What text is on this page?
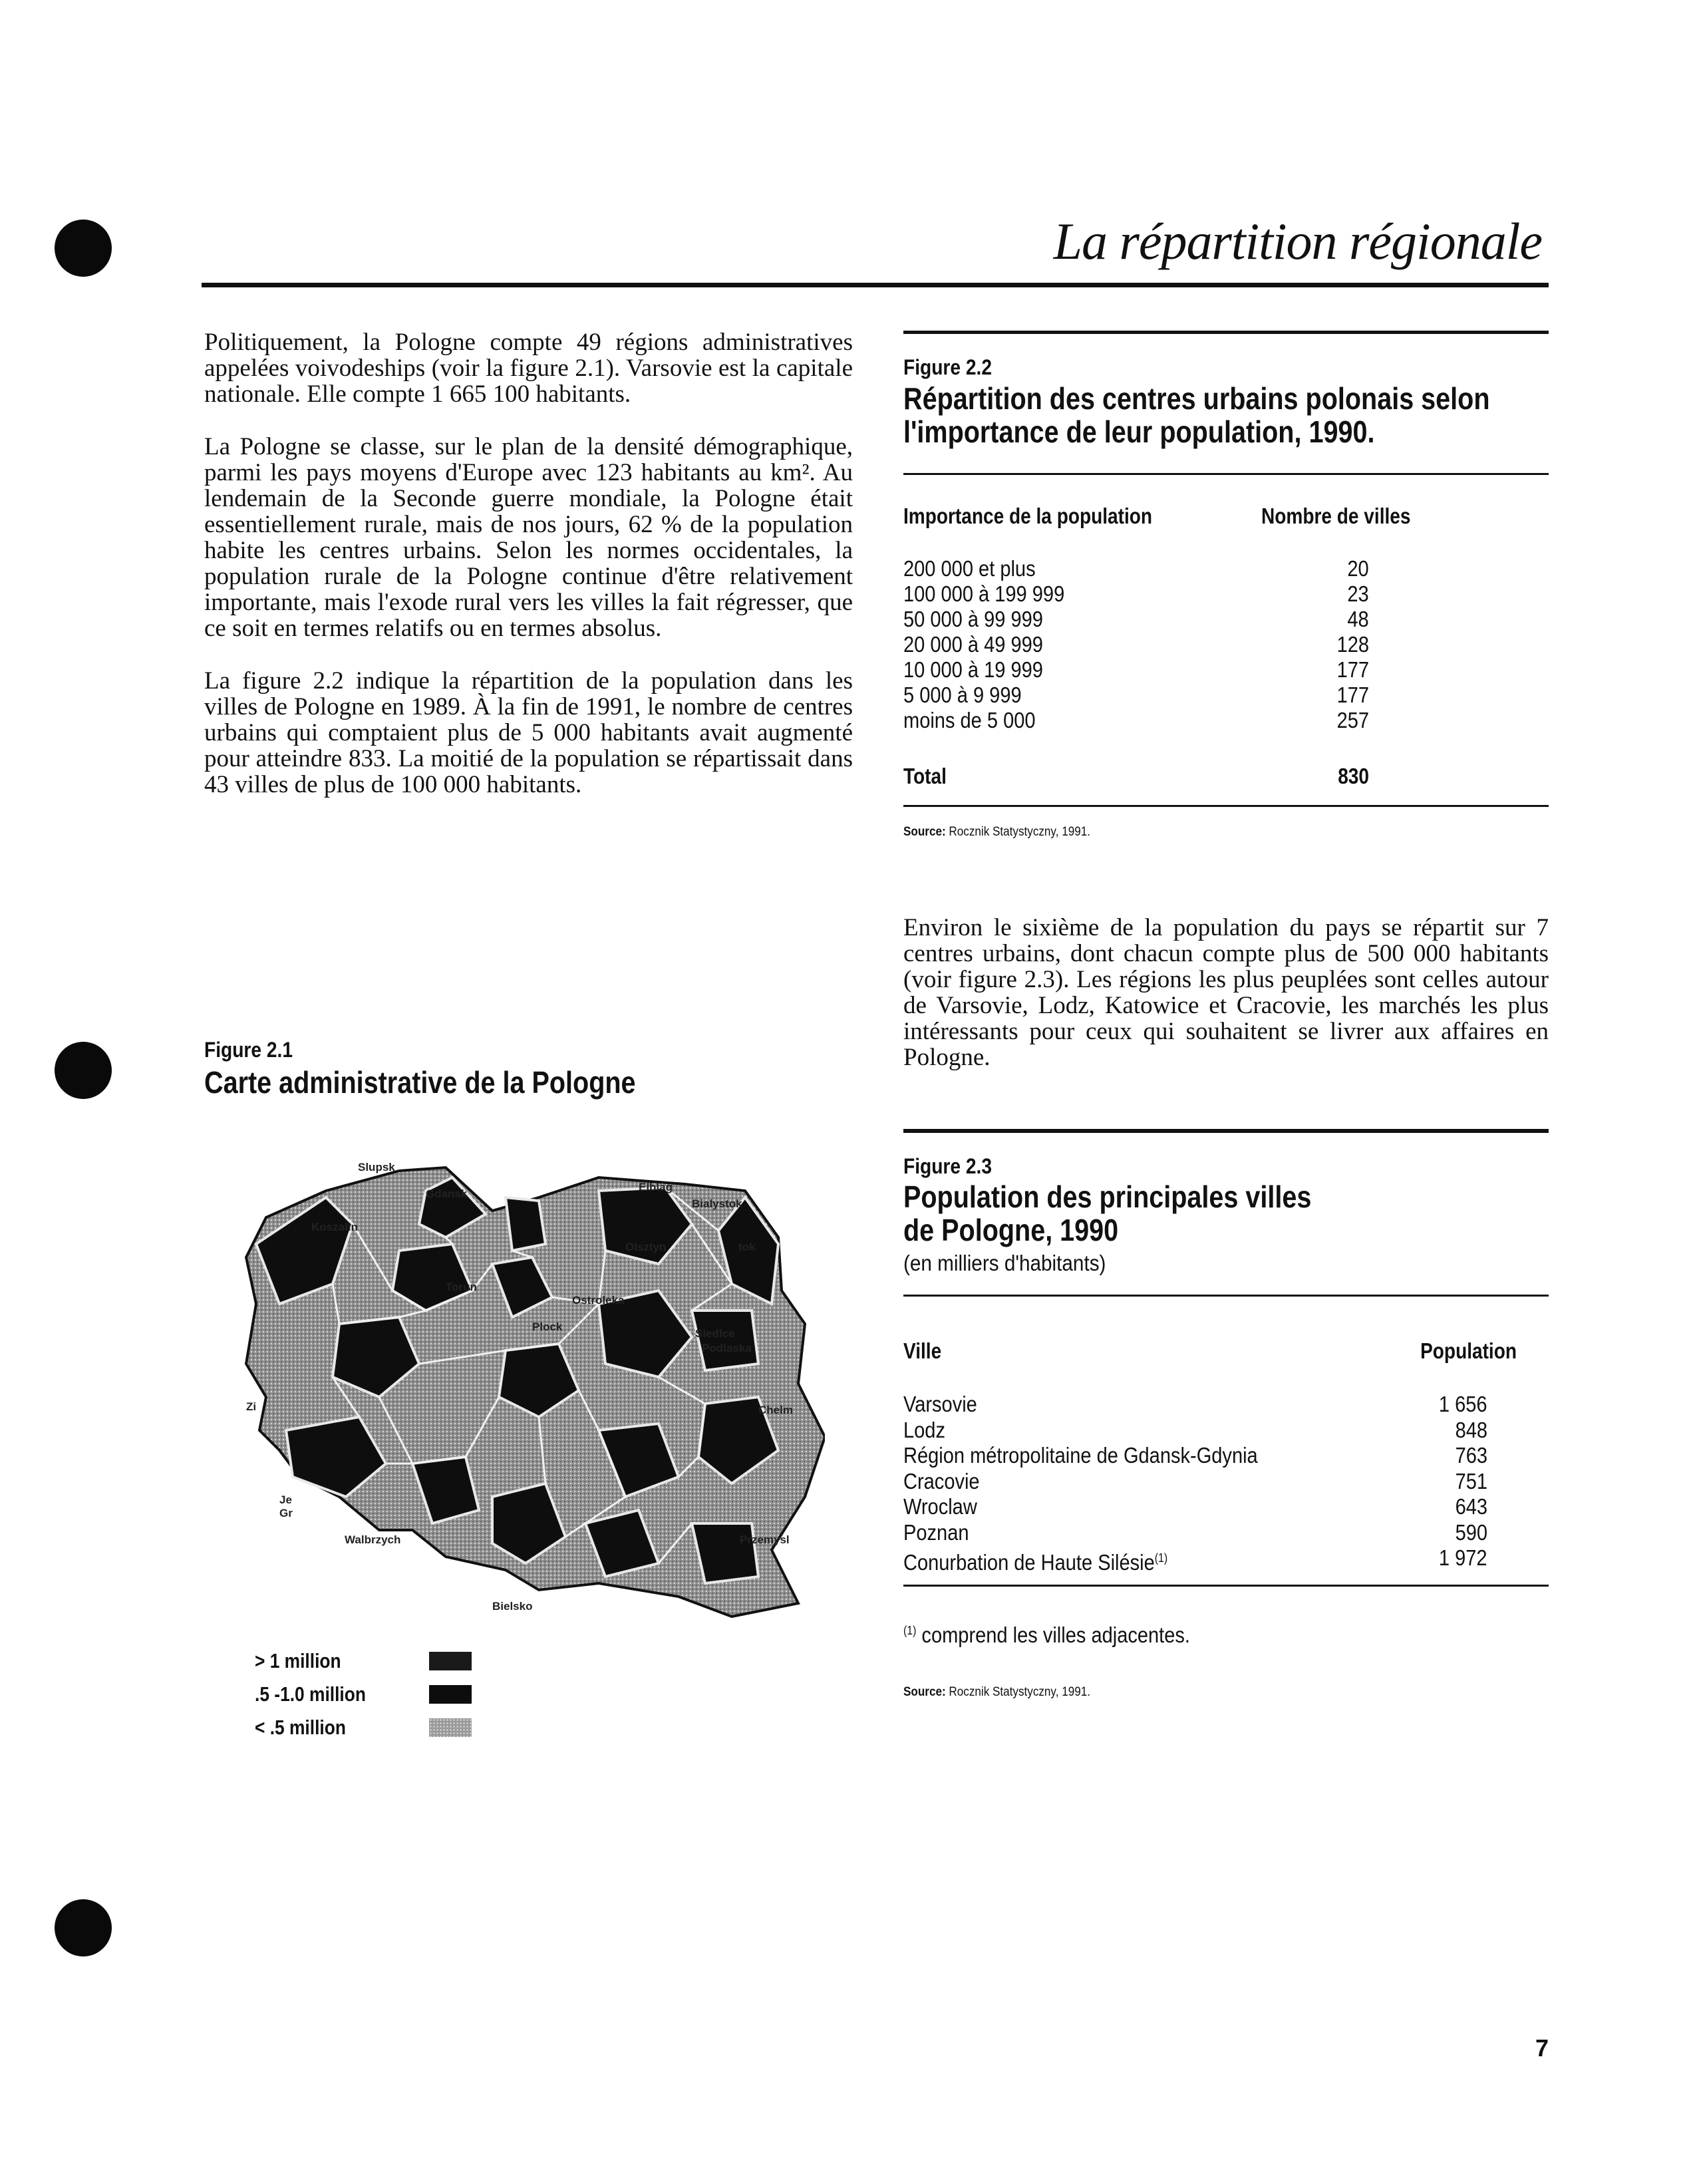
La répartition régionale

Politiquement, la Pologne compte 49 régions administratives appelées voivodeships (voir la figure 2.1). Varsovie est la capitale nationale. Elle compte 1 665 100 habitants.

La Pologne se classe, sur le plan de la densité démographique, parmi les pays moyens d'Europe avec 123 habitants au km². Au lendemain de la Seconde guerre mondiale, la Pologne était essentiellement rurale, mais de nos jours, 62 % de la population habite les centres urbains. Selon les normes occidentales, la population rurale de la Pologne continue d'être relativement importante, mais l'exode rural vers les villes la fait régresser, que ce soit en termes relatifs ou en termes absolus.

La figure 2.2 indique la répartition de la population dans les villes de Pologne en 1989. À la fin de 1991, le nombre de centres urbains qui comptaient plus de 5 000 habitants avait augmenté pour atteindre 833. La moitié de la population se répartissait dans 43 villes de plus de 100 000 habitants.

Figure 2.1
Carte administrative de la Pologne
Slupsk
Koszalin
Gdansk
Elblag
tok
Olsztyn
Bialystok
Ostroleka
Torun
Plock
Siedlce
Podlaska
Chelm
Zi
Je
Gr
Walbrzych	Przemysl
Bielsko
> 1 million
.5 -1.0 million
< .5 million
Figure 2.2
Répartition des centres urbains polonais selon
l'importance de leur population, 1990.
Importance de la population	Nombre de villes
200 000 et plus	20
100 000 à 199 999	23
50 000 à 99 999	48
20 000 à 49 999	128
10 000 à 19 999	177
5 000 à 9 999	177
moins de 5 000	257
Total	830
Source: Rocznik Statystyczny, 1991.

Environ le sixième de la population du pays se répartit sur 7 centres urbains, dont chacun compte plus de 500 000 habitants (voir figure 2.3). Les régions les plus peuplées sont celles autour de Varsovie, Lodz, Katowice et Cracovie, les marchés les plus intéressants pour ceux qui souhaitent se livrer aux affaires en Pologne.

Figure 2.3
Population des principales villes
de Pologne, 1990
(en milliers d'habitants)
Ville	Population
Varsovie	1 656
Lodz	848
Région métropolitaine de Gdansk-Gdynia	763
Cracovie	751
Wroclaw	643
Poznan	590
Conurbation de Haute Silésie$^{(1)}$	1 972
$^{(1)}$ comprend les villes adjacentes.
Source: Rocznik Statystyczny, 1991.
7
